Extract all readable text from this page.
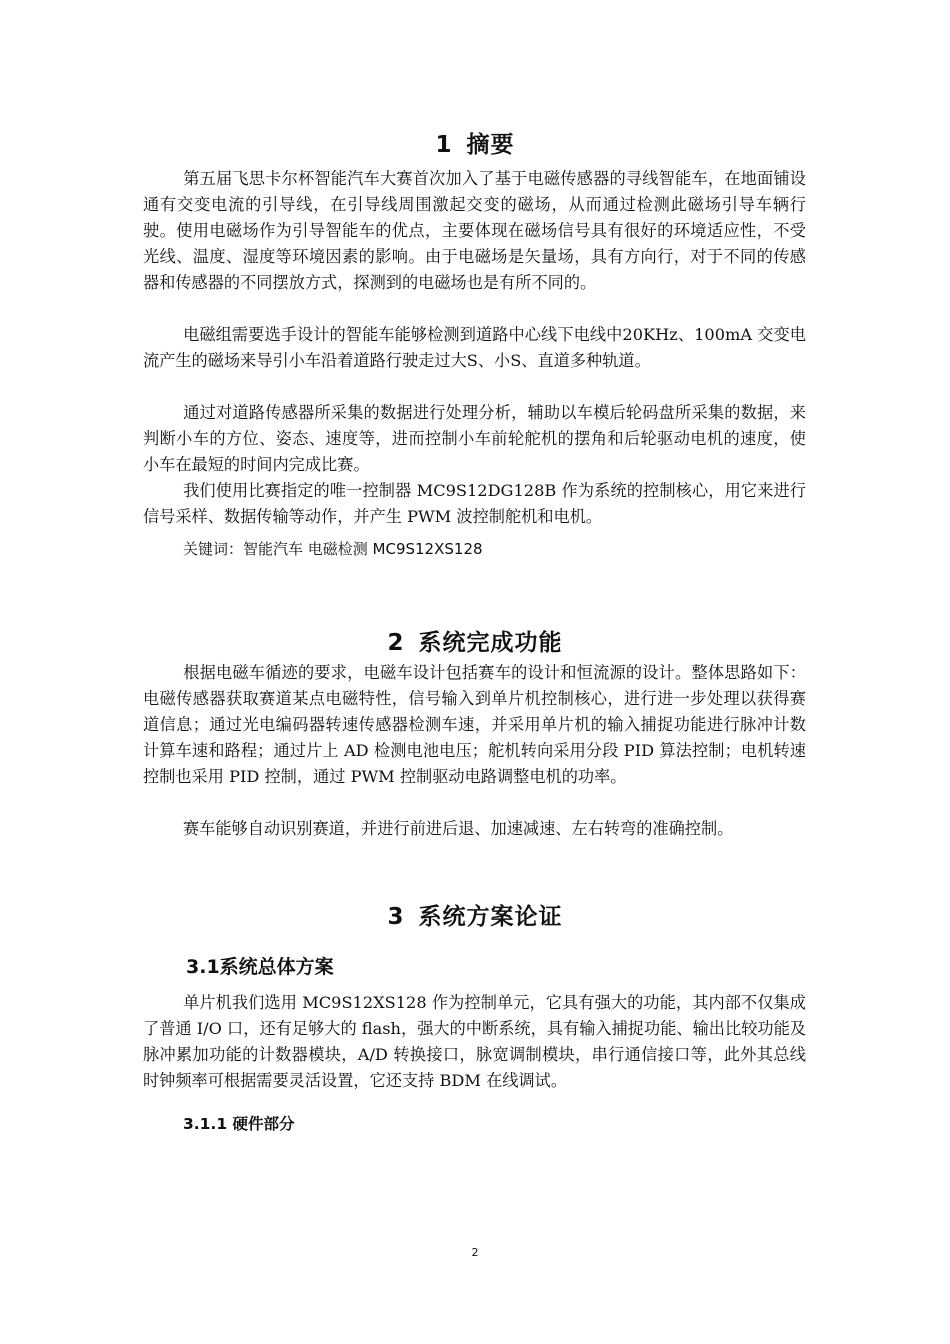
1 摘要
第五届飞思卡尔杯智能汽车大赛首次加入了基于电磁传感器的寻线智能车，在地面铺设通有交变电流的引导线，在引导线周围激起交变的磁场，从而通过检测此磁场引导车辆行驶。使用电磁场作为引导智能车的优点，主要体现在磁场信号具有很好的环境适应性，不受光线、温度、湿度等环境因素的影响。由于电磁场是矢量场，具有方向行，对于不同的传感器和传感器的不同摆放方式，探测到的电磁场也是有所不同的。
电磁组需要选手设计的智能车能够检测到道路中心线下电线中20KHz、100mA 交变电流产生的磁场来导引小车沿着道路行驶走过大S、小S、直道多种轨道。
通过对道路传感器所采集的数据进行处理分析，辅助以车模后轮码盘所采集的数据，来判断小车的方位、姿态、速度等，进而控制小车前轮舵机的摆角和后轮驱动电机的速度，使小车在最短的时间内完成比赛。
我们使用比赛指定的唯一控制器 MC9S12DG128B 作为系统的控制核心，用它来进行信号采样、数据传输等动作，并产生 PWM 波控制舵机和电机。
关键词：智能汽车 电磁检测 MC9S12XS128
2 系统完成功能
根据电磁车循迹的要求，电磁车设计包括赛车的设计和恒流源的设计。整体思路如下：电磁传感器获取赛道某点电磁特性，信号输入到单片机控制核心，进行进一步处理以获得赛道信息；通过光电编码器转速传感器检测车速，并采用单片机的输入捕捉功能进行脉冲计数计算车速和路程；通过片上 AD 检测电池电压；舵机转向采用分段 PID 算法控制；电机转速控制也采用 PID 控制，通过 PWM 控制驱动电路调整电机的功率。
赛车能够自动识别赛道，并进行前进后退、加速减速、左右转弯的准确控制。
3 系统方案论证
3.1系统总体方案
单片机我们选用 MC9S12XS128 作为控制单元，它具有强大的功能，其内部不仅集成了普通 I/O 口，还有足够大的 flash，强大的中断系统，具有输入捕捉功能、输出比较功能及脉冲累加功能的计数器模块，A/D 转换接口，脉宽调制模块，串行通信接口等，此外其总线时钟频率可根据需要灵活设置，它还支持 BDM 在线调试。
3.1.1 硬件部分
2
